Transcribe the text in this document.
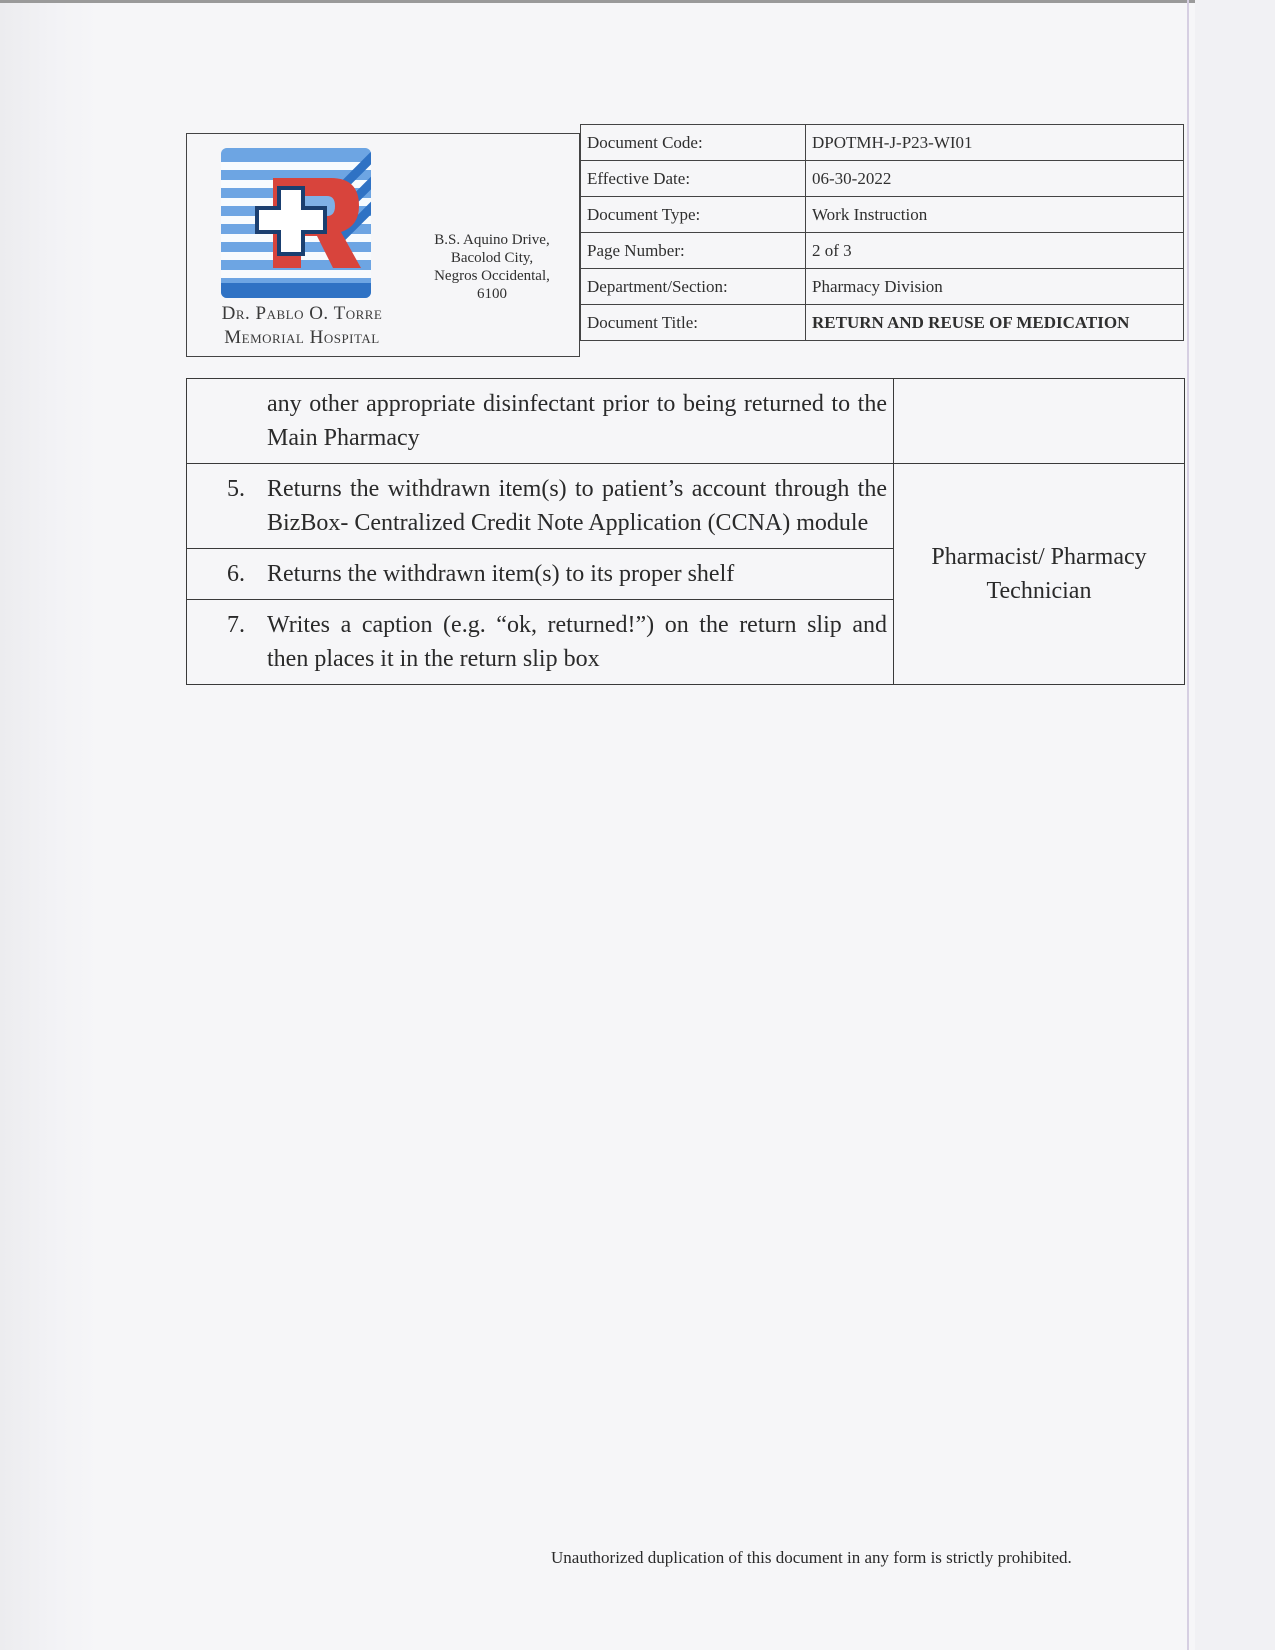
Dr. Pablo O. Torre
Memorial Hospital
B.S. Aquino Drive,
Bacolod City,
Negros Occidental,
6100
Document Code:	DPOTMH-J-P23-WI01
Effective Date:	06-30-2022
Document Type:	Work Instruction
Page Number:	2 of 3
Department/Section:	Pharmacy Division
Document Title:	RETURN AND REUSE OF MEDICATION
any other appropriate disinfectant prior to being returned to the Main Pharmacy	

5. Returns the withdrawn item(s) to patient’s account through the BizBox- Centralized Credit Note Application (CCNA) module	Pharmacist/ Pharmacy Technician

6. Returns the withdrawn item(s) to its proper shelf	

7. Writes a caption (e.g. “ok, returned!”) on the return slip and then places it in the return slip box	
Unauthorized duplication of this document in any form is strictly prohibited.
